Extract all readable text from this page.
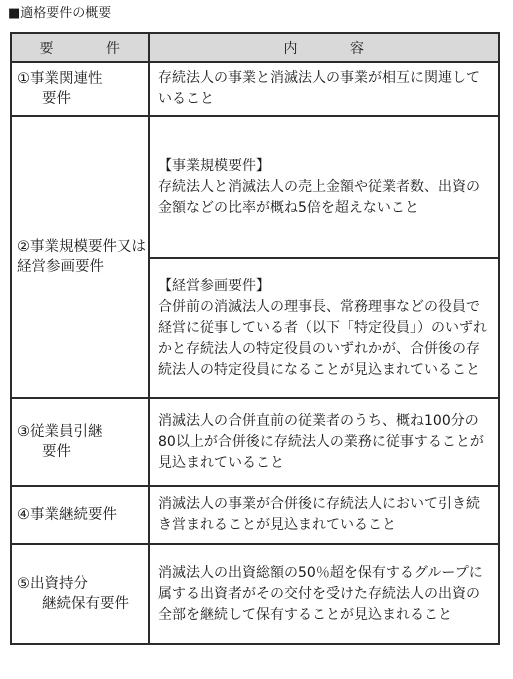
■適格要件の概要
要 件	内 容

①事業関連性
要件	存続法人の事業と消滅法人の事業が相互に関連していること
②事業規模要件又は経営参画要件	【事業規模要件】
存続法人と消滅法人の売上金額や従業者数、出資の金額などの比率が概ね5倍を超えないこと

	【経営参画要件】
合併前の消滅法人の理事長、常務理事などの役員で経営に従事している者（以下「特定役員」）のいずれかと存続法人の特定役員のいずれかが、合併後の存続法人の特定役員になることが見込まれていること

③従業員引継
要件	消滅法人の合併直前の従業者のうち、概ね100分の80以上が合併後に存続法人の業務に従事することが見込まれていること
④事業継続要件	消滅法人の事業が合併後に存続法人において引き続き営まれることが見込まれていること

⑤出資持分
継続保有要件	消滅法人の出資総額の50％超を保有するグループに属する出資者がその交付を受けた存続法人の出資の全部を継続して保有することが見込まれること
